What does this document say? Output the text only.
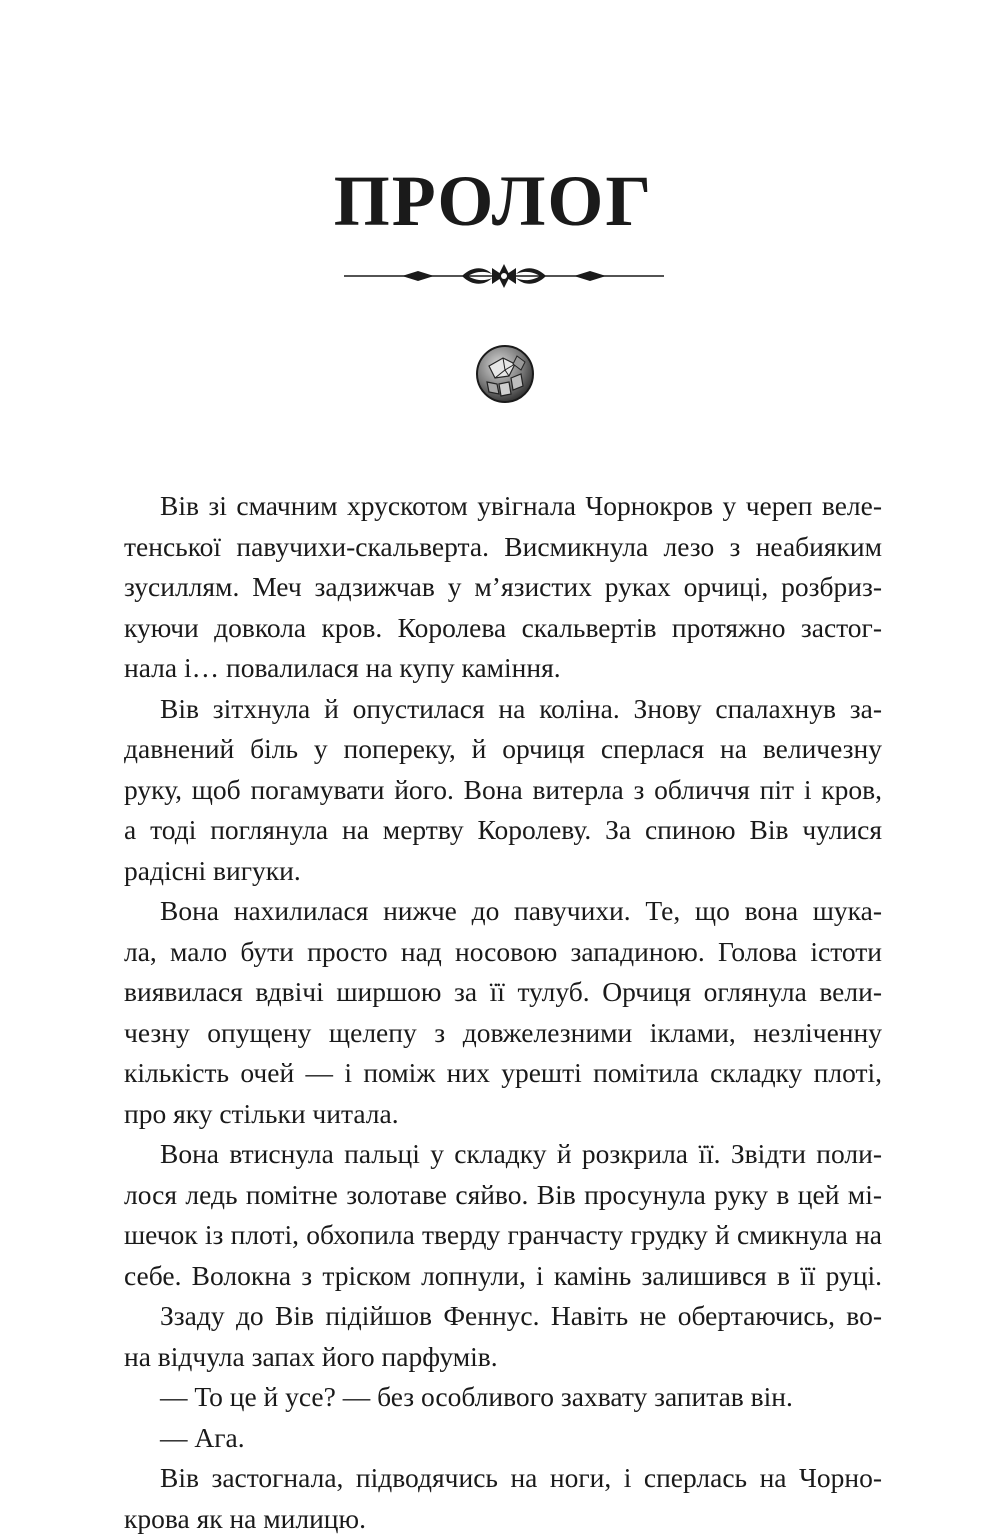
ПРОЛОГ
Вів зі смачним хрускотом увігнала Чорнокров у череп веле-
тенської павучихи-скальверта. Висмикнула лезо з неабияким
зусиллям. Меч задзижчав у м’язистих руках орчиці, розбриз-
куючи довкола кров. Королева скальвертів протяжно застог-
нала і… повалилася на купу каміння.
Вів зітхнула й опустилася на коліна. Знову спалахнув за-
давнений біль у попереку, й орчиця сперлася на величезну
руку, щоб погамувати його. Вона витерла з обличчя піт і кров,
а тоді поглянула на мертву Королеву. За спиною Вів чулися
радісні вигуки.
Вона нахилилася нижче до павучихи. Те, що вона шука-
ла, мало бути просто над носовою западиною. Голова істоти
виявилася вдвічі ширшою за її тулуб. Орчиця оглянула вели-
чезну опущену щелепу з довжелезними іклами, незліченну
кількість очей — і поміж них урешті помітила складку плоті,
про яку стільки читала.
Вона втиснула пальці у складку й розкрила її. Звідти поли-
лося ледь помітне золотаве сяйво. Вів просунула руку в цей мі-
шечок із плоті, обхопила тверду гранчасту грудку й смикнула на
себе. Волокна з тріском лопнули, і камінь залишився в її руці.
Ззаду до Вів підійшов Феннус. Навіть не обертаючись, во-
на відчула запах його парфумів.
— То це й усе? — без особливого захвату запитав він.
— Ага.
Вів застогнала, підводячись на ноги, і сперлась на Чорно-
крова як на милицю.
